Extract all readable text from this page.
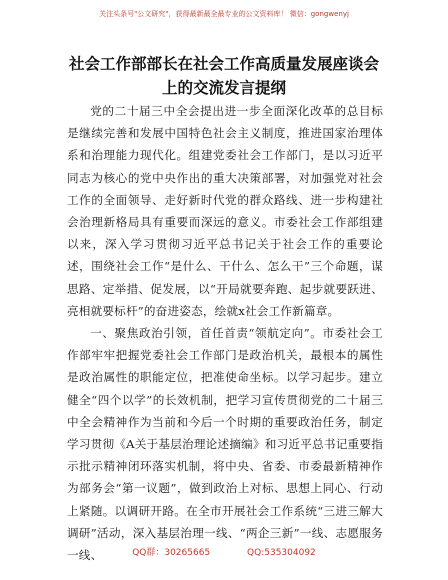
关注头条号"公文研究"，获得最新最全最专业的公文资料库！ 微信：gongwenyj
社会工作部部长在社会工作高质量发展座谈会
上的交流发言提纲

党的二十届三中全会提出进一步全面深化改革的总目标是继续完善和发展中国特色社会主义制度，推进国家治理体系和治理能力现代化。组建党委社会工作部门，是以习近平同志为核心的党中央作出的重大决策部署，对加强党对社会工作的全面领导、走好新时代党的群众路线、进一步构建社会治理新格局具有重要而深远的意义。市委社会工作部组建以来，深入学习贯彻习近平总书记关于社会工作的重要论述，围绕社会工作“是什么、干什么、怎么干”三个命题，谋思路、定举措、促发展，以“开局就要奔跑、起步就要跃进、亮相就要标杆”的奋进姿态，绘就x社会工作新篇章。

一、聚焦政治引领，首任首责“领航定向”。市委社会工作部牢牢把握党委社会工作部门是政治机关，最根本的属性是政治属性的职能定位，把准使命坐标。以学习起步。建立健全“四个以学”的长效机制，把学习宣传贯彻党的二十届三中全会精神作为当前和今后一个时期的重要政治任务，制定学习贯彻《A关于基层治理论述摘编》和习近平总书记重要指示批示精神闭环落实机制，将中央、省委、市委最新精神作为部务会“第一议题”，做到政治上对标、思想上同心、行动上紧随。以调研开路。在全市开展社会工作系统“三进三解大调研”活动，深入基层治理一线、“两企三新”一线、志愿服务一线、	QQ群：30265665	QQ:535304092
